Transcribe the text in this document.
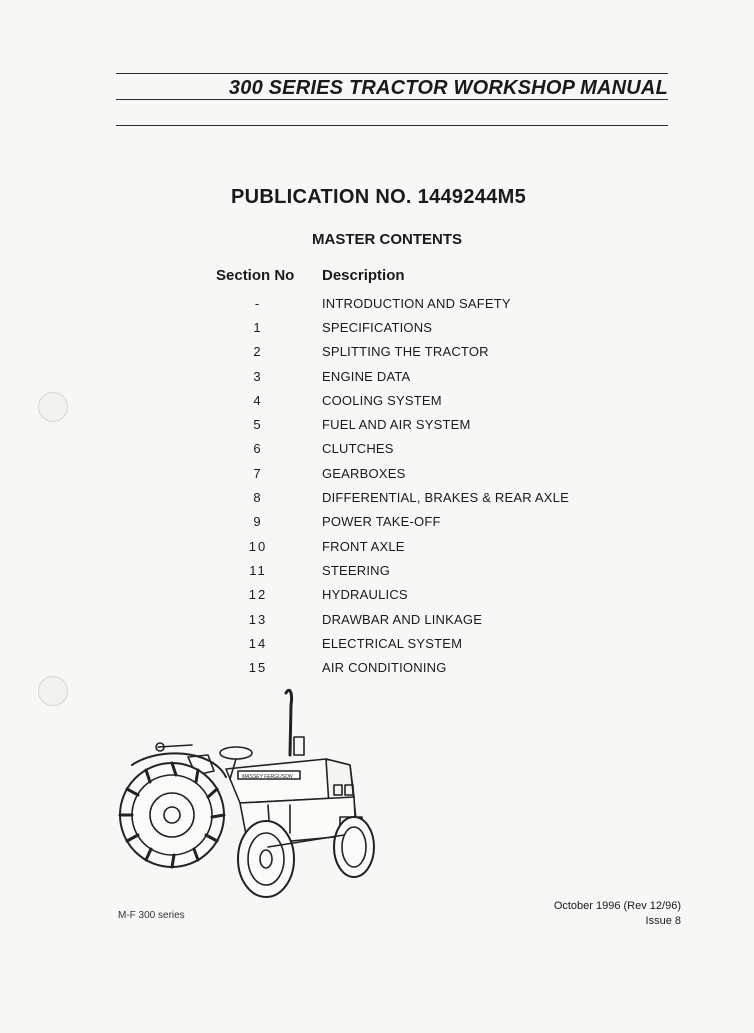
300 SERIES TRACTOR WORKSHOP MANUAL
PUBLICATION NO. 1449244M5
MASTER CONTENTS
Section No Description
-	INTRODUCTION AND SAFETY
1	SPECIFICATIONS
2	SPLITTING THE TRACTOR
3	ENGINE DATA
4	COOLING SYSTEM
5	FUEL AND AIR SYSTEM
6	CLUTCHES
7	GEARBOXES
8	DIFFERENTIAL, BRAKES & REAR AXLE
9	POWER TAKE-OFF
10	FRONT AXLE
11	STEERING
12	HYDRAULICS
13	DRAWBAR AND LINKAGE
14	ELECTRICAL SYSTEM
15	AIR CONDITIONING
MASSEY FERGUSON
M-F 300 series
October 1996 (Rev 12/96)
Issue 8
